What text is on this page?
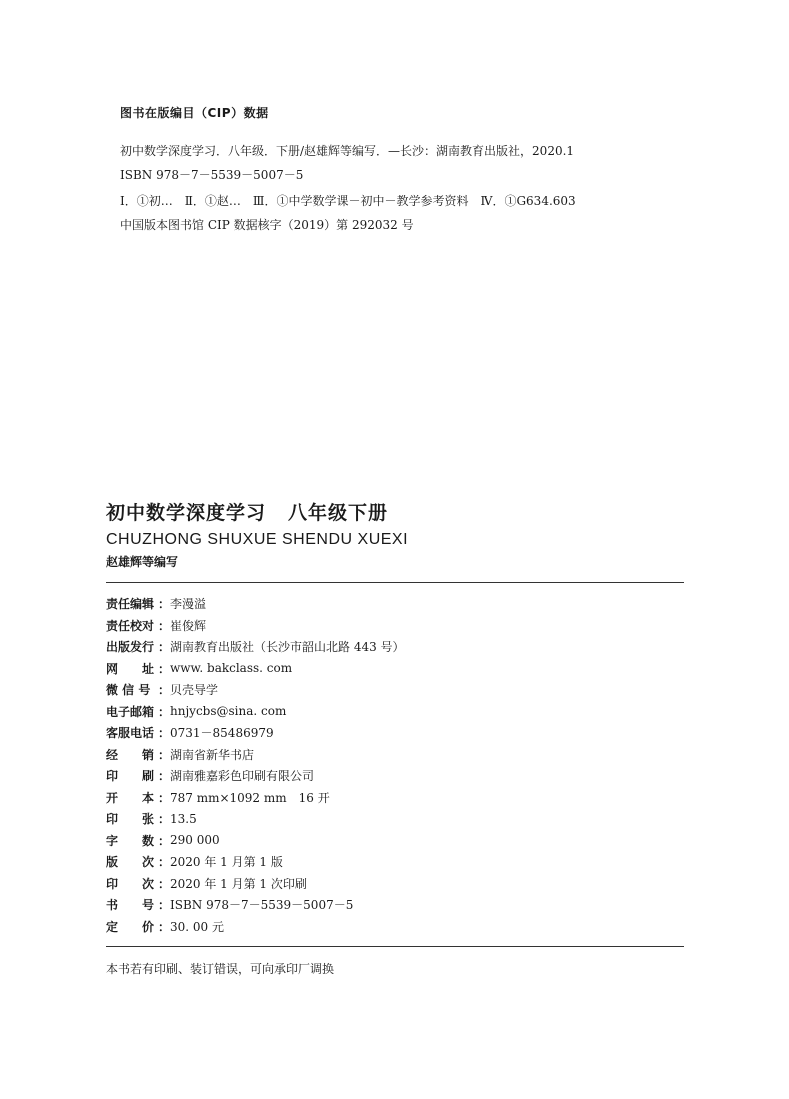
图书在版编目（CIP）数据
初中数学深度学习．八年级．下册/赵雄辉等编写．—长沙：湖南教育出版社，2020.1
ISBN 978－7－5539－5007－5
Ⅰ．①初…　Ⅱ．①赵…　Ⅲ．①中学数学课－初中－教学参考资料　Ⅳ．①G634.603
中国版本图书馆 CIP 数据核字（2019）第 292032 号
初中数学深度学习 八年级下册
CHUZHONG SHUXUE SHENDU XUEXI
赵雄辉等编写
责任编辑 ： 李漫溢
责任校对 ： 崔俊辉
出版发行 ： 湖南教育出版社（长沙市韶山北路 443 号）
网　　址 ： www. bakclass. com
微 信 号 ： 贝壳导学
电子邮箱 ： hnjycbs@sina. com
客服电话 ： 0731－85486979
经　　销 ： 湖南省新华书店
印　　刷 ： 湖南雅嘉彩色印刷有限公司
开　　本 ： 787 mm×1092 mm　16 开
印　　张 ： 13.5
字　　数 ： 290 000
版　　次 ： 2020 年 1 月第 1 版
印　　次 ： 2020 年 1 月第 1 次印刷
书　　号 ： ISBN 978－7－5539－5007－5
定　　价 ： 30. 00 元
本书若有印刷、装订错误，可向承印厂调换
